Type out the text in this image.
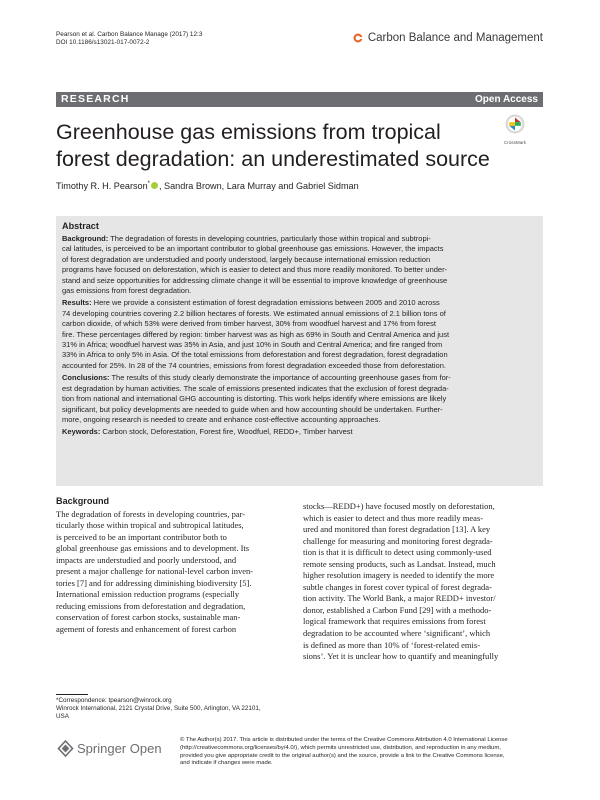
Pearson et al. Carbon Balance Manage (2017) 12:3
DOI 10.1186/s13021-017-0072-2	Carbon Balance and Management
RESEARCH	Open Access
Greenhouse gas emissions from tropical
forest degradation: an underestimated source
CrossMark
Timothy R. H. Pearson* , Sandra Brown, Lara Murray and Gabriel Sidman
Abstract
Background: The degradation of forests in developing countries, particularly those within tropical and subtropi-
cal latitudes, is perceived to be an important contributor to global greenhouse gas emissions. However, the impacts
of forest degradation are understudied and poorly understood, largely because international emission reduction
programs have focused on deforestation, which is easier to detect and thus more readily monitored. To better under-
stand and seize opportunities for addressing climate change it will be essential to improve knowledge of greenhouse
gas emissions from forest degradation.
Results: Here we provide a consistent estimation of forest degradation emissions between 2005 and 2010 across
74 developing countries covering 2.2 billion hectares of forests. We estimated annual emissions of 2.1 billion tons of
carbon dioxide, of which 53% were derived from timber harvest, 30% from woodfuel harvest and 17% from forest
fire. These percentages differed by region: timber harvest was as high as 69% in South and Central America and just
31% in Africa; woodfuel harvest was 35% in Asia, and just 10% in South and Central America; and fire ranged from
33% in Africa to only 5% in Asia. Of the total emissions from deforestation and forest degradation, forest degradation
accounted for 25%. In 28 of the 74 countries, emissions from forest degradation exceeded those from deforestation.
Conclusions: The results of this study clearly demonstrate the importance of accounting greenhouse gases from for-
est degradation by human activities. The scale of emissions presented indicates that the exclusion of forest degrada-
tion from national and international GHG accounting is distorting. This work helps identify where emissions are likely
significant, but policy developments are needed to guide when and how accounting should be undertaken. Further-
more, ongoing research is needed to create and enhance cost-effective accounting approaches.
Keywords: Carbon stock, Deforestation, Forest fire, Woodfuel, REDD+, Timber harvest
Background
The degradation of forests in developing countries, par-
ticularly those within tropical and subtropical latitudes,
is perceived to be an important contributor both to
global greenhouse gas emissions and to development. Its
impacts are understudied and poorly understood, and
present a major challenge for national-level carbon inven-
tories [7] and for addressing diminishing biodiversity [5].
International emission reduction programs (especially
reducing emissions from deforestation and degradation,
conservation of forest carbon stocks, sustainable man-
agement of forests and enhancement of forest carbon
stocks—REDD+) have focused mostly on deforestation,
which is easier to detect and thus more readily meas-
ured and monitored than forest degradation [13]. A key
challenge for measuring and monitoring forest degrada-
tion is that it is difficult to detect using commonly-used
remote sensing products, such as Landsat. Instead, much
higher resolution imagery is needed to identify the more
subtle changes in forest cover typical of forest degrada-
tion activity. The World Bank, a major REDD+ investor/
donor, established a Carbon Fund [29] with a methodo-
logical framework that requires emissions from forest
degradation to be accounted where ‘significant’, which
is defined as more than 10% of ‘forest-related emis-
sions’. Yet it is unclear how to quantify and meaningfully
*Correspondence: tpearson@winrock.org
Winrock International, 2121 Crystal Drive, Suite 500, Arlington, VA 22101,
USA
Springer Open
© The Author(s) 2017. This article is distributed under the terms of the Creative Commons Attribution 4.0 International License
(http://creativecommons.org/licenses/by/4.0/), which permits unrestricted use, distribution, and reproduction in any medium,
provided you give appropriate credit to the original author(s) and the source, provide a link to the Creative Commons license,
and indicate if changes were made.
